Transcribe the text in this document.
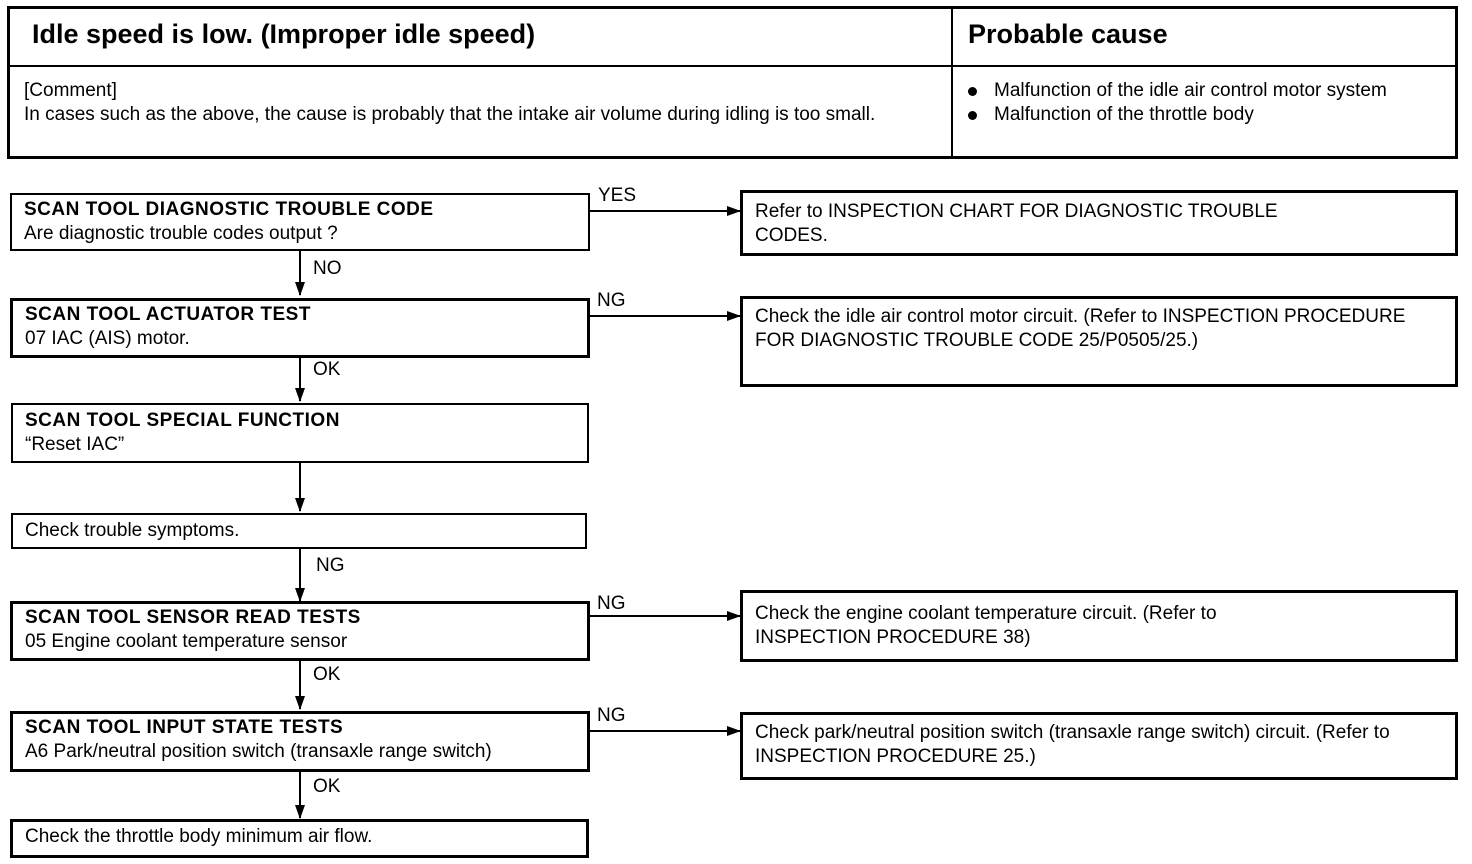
Idle speed is low. (Improper idle speed)	Probable cause
[Comment]
In cases such as the above, the cause is probably that the intake air volume during idling is too small.
Malfunction of the idle air control motor system
Malfunction of the throttle body
YES
NO
NG
OK
NG
NG
OK
NG
OK
SCAN TOOL DIAGNOSTIC TROUBLE CODE
Are diagnostic trouble codes output ?
SCAN TOOL ACTUATOR TEST
07 IAC (AIS) motor.
SCAN TOOL SPECIAL FUNCTION
“Reset IAC”
Check trouble symptoms.
SCAN TOOL SENSOR READ TESTS
05 Engine coolant temperature sensor
SCAN TOOL INPUT STATE TESTS
A6 Park/neutral position switch (transaxle range switch)
Check the throttle body minimum air flow.
Refer to INSPECTION CHART FOR DIAGNOSTIC TROUBLE CODES.
Check the idle air control motor circuit. (Refer to INSPECTION PROCEDURE FOR DIAGNOSTIC TROUBLE CODE 25/P0505/25.)
Check the engine coolant temperature circuit. (Refer to INSPECTION PROCEDURE 38)
Check park/neutral position switch (transaxle range switch) circuit. (Refer to INSPECTION PROCEDURE 25.)
